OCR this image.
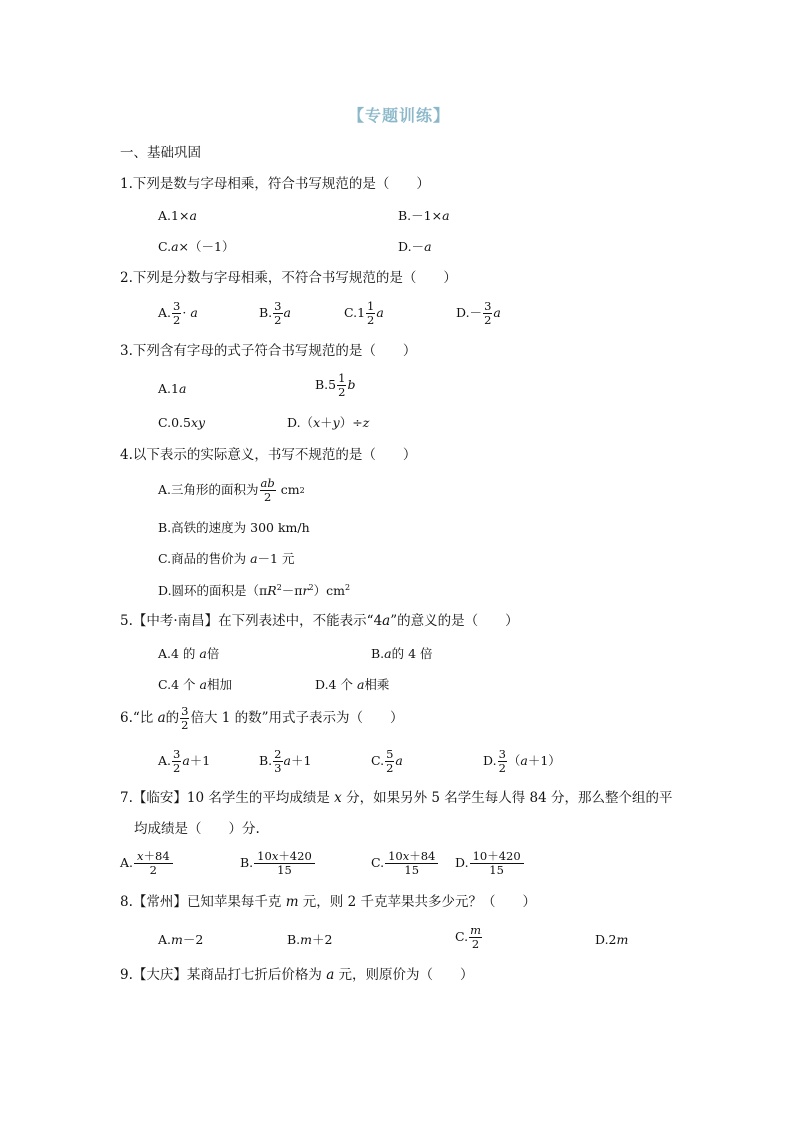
【专题训练】
一、基础巩固
1.下列是数与字母相乘，符合书写规范的是（　　）
A.1×a	B.－1×a
C.a×（－1）	D.－a
2.下列是分数与字母相乘，不符合书写规范的是（　　）
A. $\frac{3}{2}$ ·
a	B. $\frac{3}{2}$ a	$C.1 \frac{1}{2}$ a	$D.- \frac{3}{2}$ a
3.下列含有字母的式子符合书写规范的是（　　）
A.1a	$B.5 \frac{1}{2}$ b
C.0.5xy	D.（x＋y）÷z
4.以下表示的实际意义，书写不规范的是（　　）
A.三角形的面积为 $\frac{ab}{2}$
cm 2
B.高铁的速度为 300 km/h
C.商品的售价为 a－1 元
D.圆环的面积是$(\pi R^2-\pi r^2)cm^2$
5.【中考·南昌】在下列表述中，不能表示“4a”的意义的是（　　）
A.4 的 a倍	B.a的 4 倍
C.4 个 a相加	D.4 个 a相乘
6.“比
a 的 $\frac{3}{2}$ 倍大 1 的数”用式子表示为（　　）
A. $\frac{3}{2}$ a ＋1	B. $\frac{2}{3}$ a ＋1	C. $\frac{5}{2}$ a	D. $\frac{3}{2}$ （ a ＋1）
7.【临安】10 名学生的平均成绩是 x 分，如果另外 5 名学生每人得 84 分，那么整个组的平
均成绩是（　　）分.
A. $\frac{x+84}{2}$	B. $\frac{10x+420}{15}$	C. $\frac{10x+84}{15} D$. $\frac{10+420}{15}$
8.【常州】已知苹果每千克 m 元，则 2 千克苹果共多少元？（　　）
A.m－2	B.m＋2	C. $\frac{m}{2}$	D.2m
9.【大庆】某商品打七折后价格为 a 元，则原价为（　　）
